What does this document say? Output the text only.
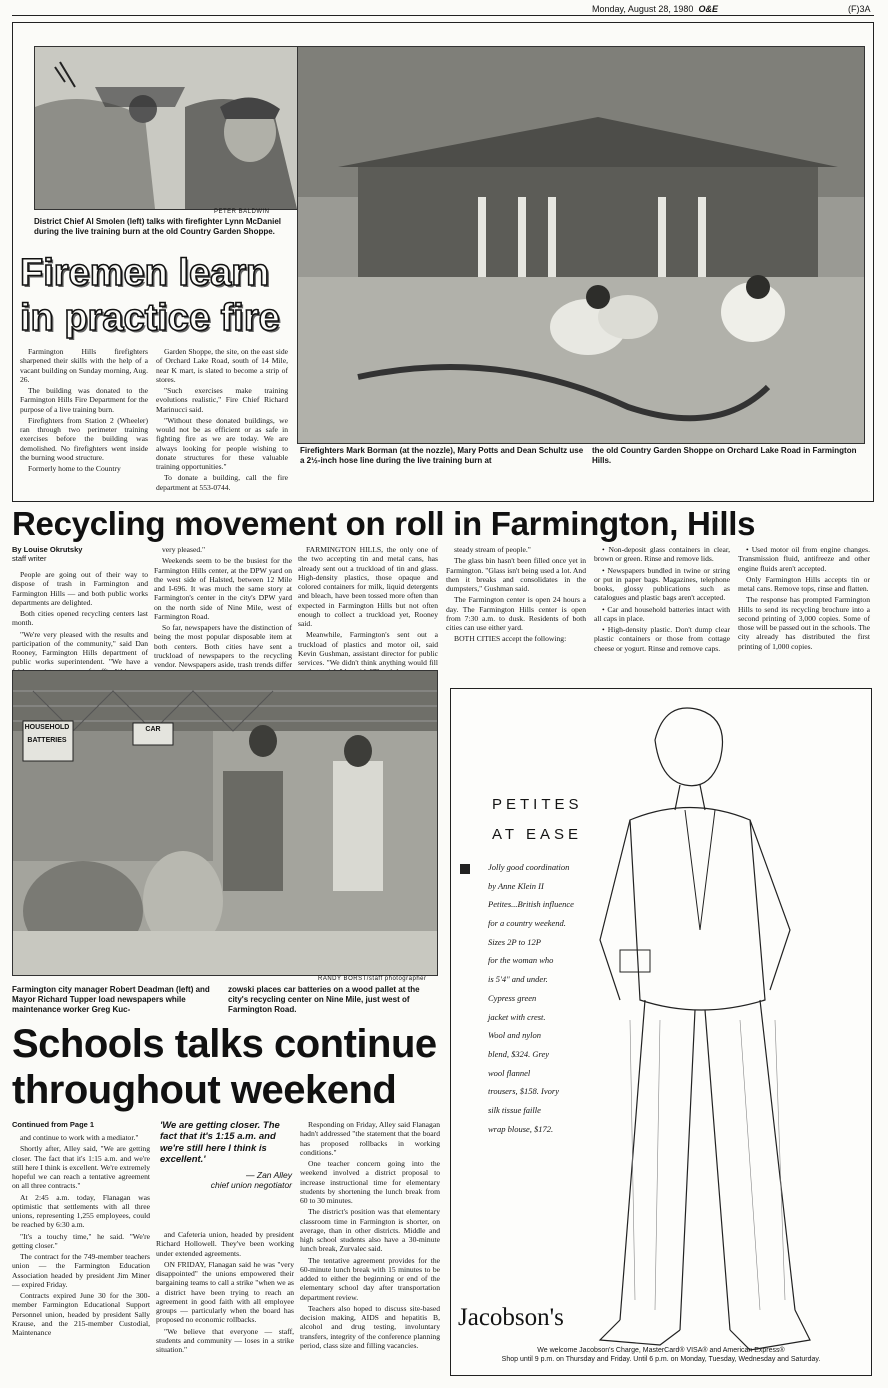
Monday, August 28, 1980 O&E	(F)3A
PETER BALDWIN
District Chief Al Smolen (left) talks with firefighter Lynn McDaniel during the live training burn at the old Country Garden Shoppe.
Firemen learn
in practice fire

Farmington Hills firefighters sharpened their skills with the help of a vacant building on Sunday morning, Aug. 26.

The building was donated to the Farmington Hills Fire Department for the purpose of a live training burn.

Firefighters from Station 2 (Wheeler) ran through two perimeter training exercises before the building was demolished. No firefighters went inside the burning wood structure.

Formerly home to the Country

Garden Shoppe, the site, on the east side of Orchard Lake Road, south of 14 Mile, near K mart, is slated to become a strip of stores.

"Such exercises make training evolutions realistic," Fire Chief Richard Marinucci said.

"Without these donated buildings, we would not be as efficient or as safe in fighting fire as we are today. We are always looking for people wishing to donate structures for these valuable training opportunities."

To donate a building, call the fire department at 553-0744.

Firefighters Mark Borman (at the nozzle), Mary Potts and Dean Schultz use a 2½-inch hose line during the live training burn at
the old Country Garden Shoppe on Orchard Lake Road in Farmington Hills.
Recycling movement on roll in Farmington, Hills
By Louise Okrutsky
staff writer

People are going out of their way to dispose of trash in Farmington and Farmington Hills — and both public works departments are delighted.

Both cities opened recycling centers last month.

"We're very pleased with the results and participation of the community," said Dan Rooney, Farmington Hills department of public works superintendent. "We have a

very pleased."

Weekends seem to be the busiest for the Farmington Hills center, at the DPW yard on the west side of Halsted, between 12 Mile and I-696. It was much the same story at Farmington's center in the city's DPW yard on the north side of Nine Mile, west of Farmington Road.

So far, newspapers have the distinction of being the most popular disposable item at both centers. Both cities have sent a truckload of newspapers to the recycling vendor. Newspapers aside, trash trends differ

FARMINGTON HILLS, the only one of the two accepting tin and metal cans, has already sent out a truckload of tin and glass. High-density plastics, those opaque and colored containers for milk, liquid detergents and bleach, have been tossed more often than expected in Farmington Hills but not often enough to collect a truckload yet, Rooney said.

Meanwhile, Farmington's sent out a truckload of plastics and motor oil, said Kevin Gushman, assistant director for public services. "We didn't think anything would fill

steady stream of people."

The glass bin hasn't been filled once yet in Farmington. "Glass isn't being used a lot. And then it breaks and consolidates in the dumpsters," Gushman said.

The Farmington center is open 24 hours a day. The Farmington Hills center is open from 7:30 a.m. to dusk. Residents of both cities can use either yard.

BOTH CITIES accept the following:

• Non-deposit glass containers in clear, brown or green. Rinse and remove lids.

• Newspapers bundled in twine or string or put in paper bags. Magazines, telephone books, glossy publications such as catalogues and plastic bags aren't accepted.

• Car and household batteries intact with all caps in place.

• High-density plastic. Don't dump clear plastic containers or those from cottage cheese or yogurt. Rinse and remove caps.

• Used motor oil from engine changes. Transmission fluid, antifreeze and other engine fluids aren't accepted.

Only Farmington Hills accepts tin or metal cans. Remove tops, rinse and flatten.

The response has prompted Farmington Hills to send its recycling brochure into a second printing of 3,000 copies. Some of those will be passed out in the schools. The city already has distributed the first printing of 1,000 copies.

HOUSEHOLD BATTERIES
CAR
RANDY BORST/staff photographer
Farmington city manager Robert Deadman (left) and Mayor Richard Tupper load newspapers while maintenance worker Greg Kuc-
zowski places car batteries on a wood pallet at the city's recycling center on Nine Mile, just west of Farmington Road.
Schools talks continue
throughout weekend
Continued from Page 1

and continue to work with a mediator."

Shortly after, Alley said, "We are getting closer. The fact that it's 1:15 a.m. and we're still here I think is excellent. We're extremely hopeful we can reach a tentative agreement on all three contracts."

At 2:45 a.m. today, Flanagan was optimistic that settlements with all three unions, representing 1,255 employees, could be reached by 6:30 a.m.

"It's a touchy time," he said. "We're getting closer."

The contract for the 749-member teachers union — the Farmington Education Association headed by president Jim Miner — expired Friday.

Contracts expired June 30 for the 300-member Farmington Educational Support Personnel union, headed by president Sally Krause, and the 215-member Custodial, Maintenance

'We are getting closer. The fact that it's 1:15 a.m. and we're still here I think is excellent.'
— Zan Alley
chief union negotiator

and Cafeteria union, headed by president Richard Hollowell. They've been working under extended agreements.

ON FRIDAY, Flanagan said he was "very disappointed" the unions empowered their bargaining teams to call a strike "when we as a district have been trying to reach an agreement in good faith with all employee groups — particularly when the board has proposed no economic rollbacks.

"We believe that everyone — staff, students and community — loses in a strike situation."

Responding on Friday, Alley said Flanagan hadn't addressed "the statement that the board has proposed rollbacks in working conditions."

One teacher concern going into the weekend involved a district proposal to increase instructional time for elementary students by shortening the lunch break from 60 to 30 minutes.

The district's position was that elementary classroom time in Farmington is shorter, on average, than in other districts. Middle and high school students also have a 30-minute lunch break, Zurvalec said.

The tentative agreement provides for the 60-minute lunch break with 15 minutes to be added to either the beginning or end of the elementary school day after transportation department review.

Teachers also hoped to discuss site-based decision making, AIDS and hepatitis B, alcohol and drug testing, involuntary transfers, integrity of the conference planning period, class size and filling vacancies.

PETITES
AT EASE
Jolly good coordination
by Anne Klein II
Petites...British influence
for a country weekend.
Sizes 2P to 12P
for the woman who
is 5'4" and under.
Cypress green
jacket with crest.
Wool and nylon
blend, $324. Grey
wool flannel
trousers, $158. Ivory
silk tissue faille
wrap blouse, $172.
Jacobson's
We welcome Jacobson's Charge, MasterCard® VISA® and American Express®
Shop until 9 p.m. on Thursday and Friday. Until 6 p.m. on Monday, Tuesday, Wednesday and Saturday.
